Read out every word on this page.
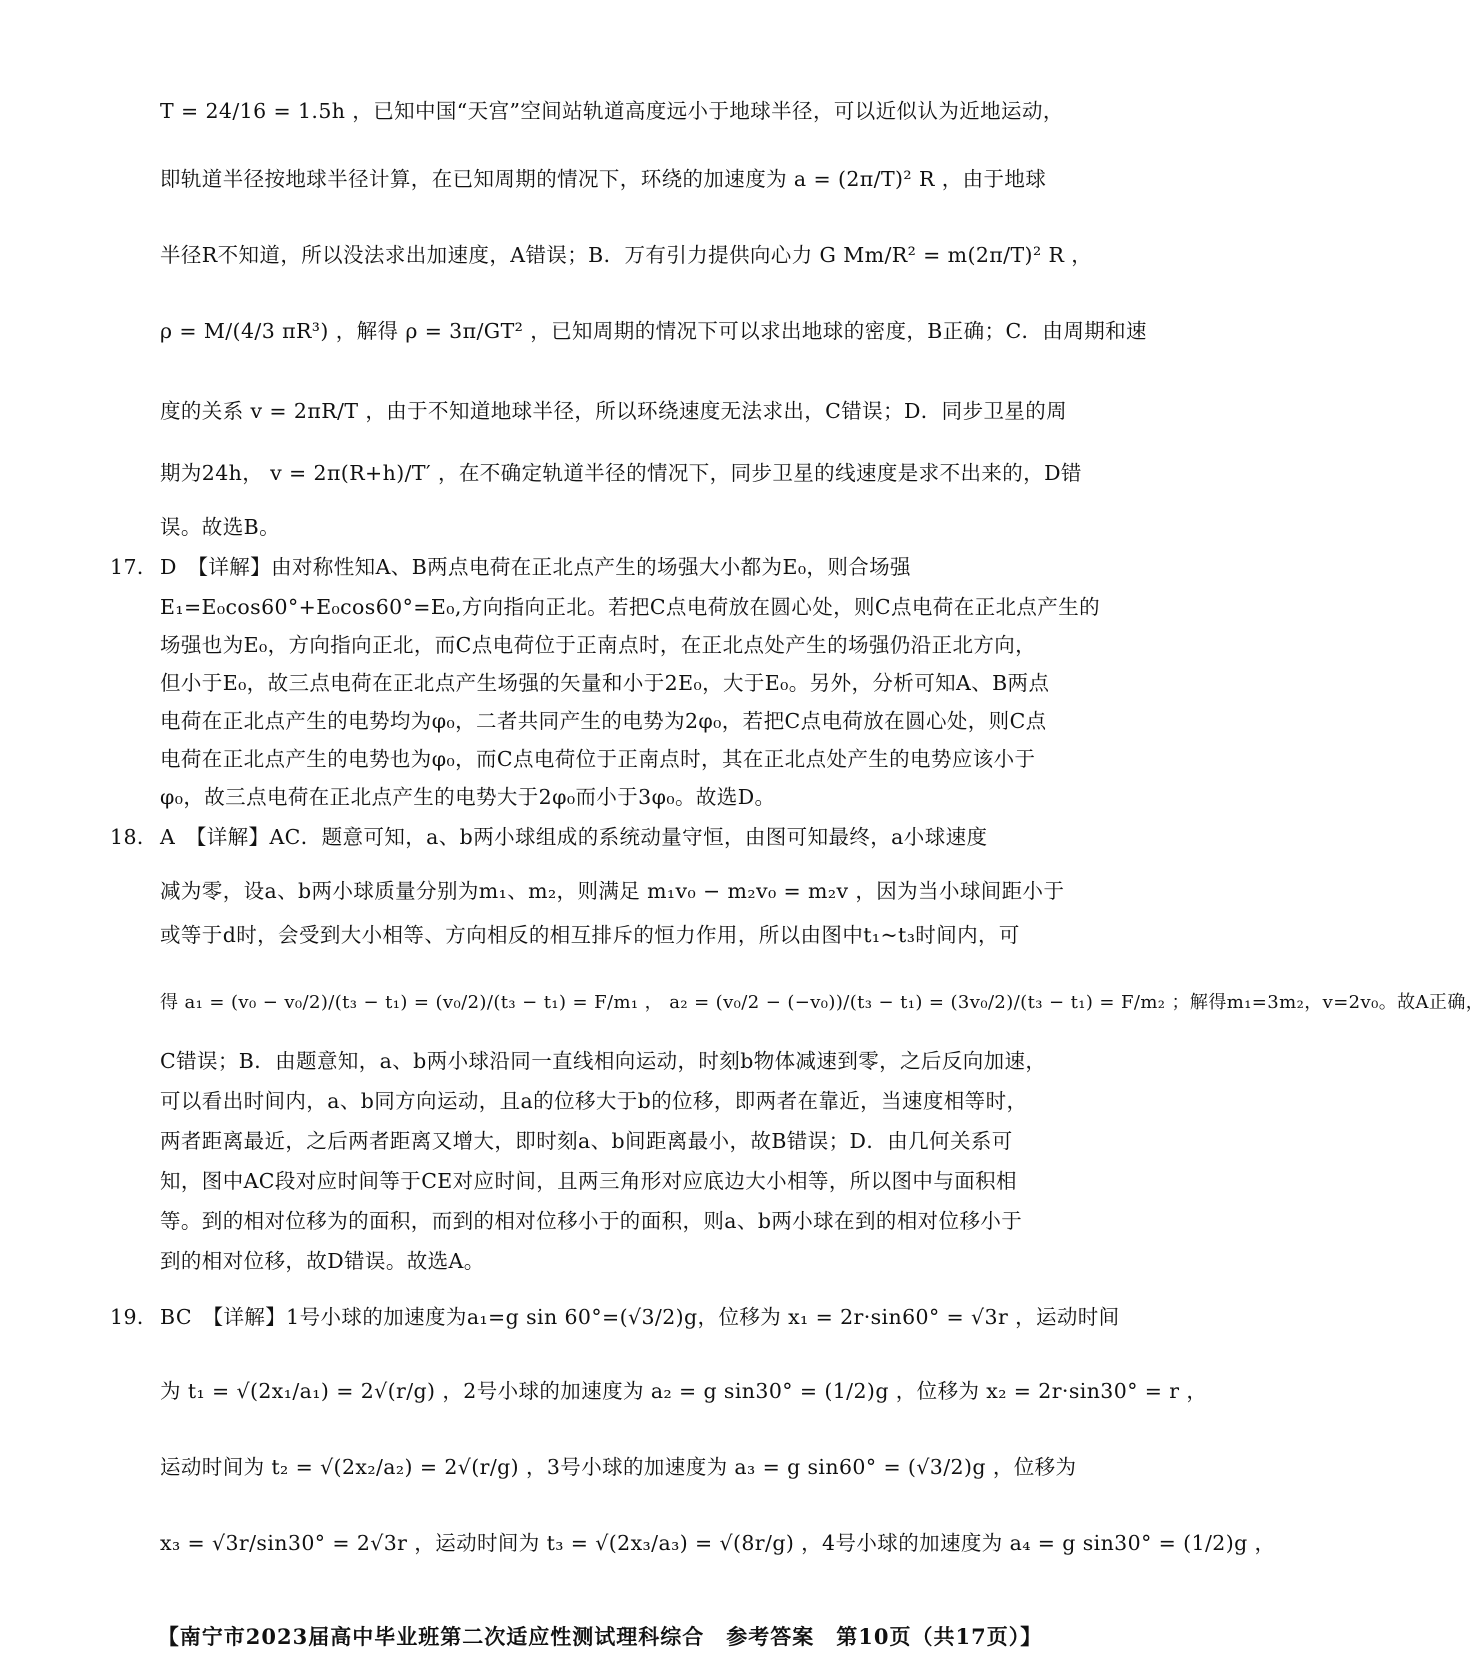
T = 24/16 = 1.5h ，已知中国“天宫”空间站轨道高度远小于地球半径，可以近似认为近地运动，
即轨道半径按地球半径计算，在已知周期的情况下，环绕的加速度为 a = (2π/T)² R ，由于地球
半径R不知道，所以没法求出加速度，A错误；B．万有引力提供向心力 G Mm/R² = m(2π/T)² R ，
ρ = M/(4/3 πR³) ，解得 ρ = 3π/GT² ，已知周期的情况下可以求出地球的密度，B正确；C．由周期和速
度的关系 v = 2πR/T ，由于不知道地球半径，所以环绕速度无法求出，C错误；D．同步卫星的周
期为24h， v = 2π(R+h)/T′ ，在不确定轨道半径的情况下，同步卫星的线速度是求不出来的，D错
误。故选B。
17． D　【详解】由对称性知A、B两点电荷在正北点产生的场强大小都为E₀，则合场强
E₁=E₀cos60°+E₀cos60°=E₀,方向指向正北。若把C点电荷放在圆心处，则C点电荷在正北点产生的
场强也为E₀，方向指向正北，而C点电荷位于正南点时，在正北点处产生的场强仍沿正北方向，
但小于E₀，故三点电荷在正北点产生场强的矢量和小于2E₀，大于E₀。另外，分析可知A、B两点
电荷在正北点产生的电势均为φ₀，二者共同产生的电势为2φ₀，若把C点电荷放在圆心处，则C点
电荷在正北点产生的电势也为φ₀，而C点电荷位于正南点时，其在正北点处产生的电势应该小于
φ₀，故三点电荷在正北点产生的电势大于2φ₀而小于3φ₀。故选D。
18． A　【详解】AC．题意可知，a、b两小球组成的系统动量守恒，由图可知最终，a小球速度
减为零，设a、b两小球质量分别为m₁、m₂，则满足 m₁v₀ − m₂v₀ = m₂v ，因为当小球间距小于
或等于d时，会受到大小相等、方向相反的相互排斥的恒力作用，所以由图中t₁~t₃时间内，可
得 a₁ = (v₀ − v₀/2)/(t₃ − t₁) = (v₀/2)/(t₃ − t₁) = F/m₁ ， a₂ = (v₀/2 − (−v₀))/(t₃ − t₁) = (3v₀/2)/(t₃ − t₁) = F/m₂ ；解得m₁=3m₂，v=2v₀。故A正确，
C错误；B．由题意知，a、b两小球沿同一直线相向运动，时刻b物体减速到零，之后反向加速，
可以看出时间内，a、b同方向运动，且a的位移大于b的位移，即两者在靠近，当速度相等时，
两者距离最近，之后两者距离又增大，即时刻a、b间距离最小，故B错误；D．由几何关系可
知，图中AC段对应时间等于CE对应时间，且两三角形对应底边大小相等，所以图中与面积相
等。到的相对位移为的面积，而到的相对位移小于的面积，则a、b两小球在到的相对位移小于
到的相对位移，故D错误。故选A。
19． BC　【详解】1号小球的加速度为a₁=g sin 60°=(√3/2)g，位移为 x₁ = 2r·sin60° = √3r ，运动时间
为 t₁ = √(2x₁/a₁) = 2√(r/g) ，2号小球的加速度为 a₂ = g sin30° = (1/2)g ，位移为 x₂ = 2r·sin30° = r ，
运动时间为 t₂ = √(2x₂/a₂) = 2√(r/g) ，3号小球的加速度为 a₃ = g sin60° = (√3/2)g ，位移为
x₃ = √3r/sin30° = 2√3r ，运动时间为 t₃ = √(2x₃/a₃) = √(8r/g) ，4号小球的加速度为 a₄ = g sin30° = (1/2)g ，
【南宁市2023届高中毕业班第二次适应性测试理科综合　参考答案　第10页（共17页）】
